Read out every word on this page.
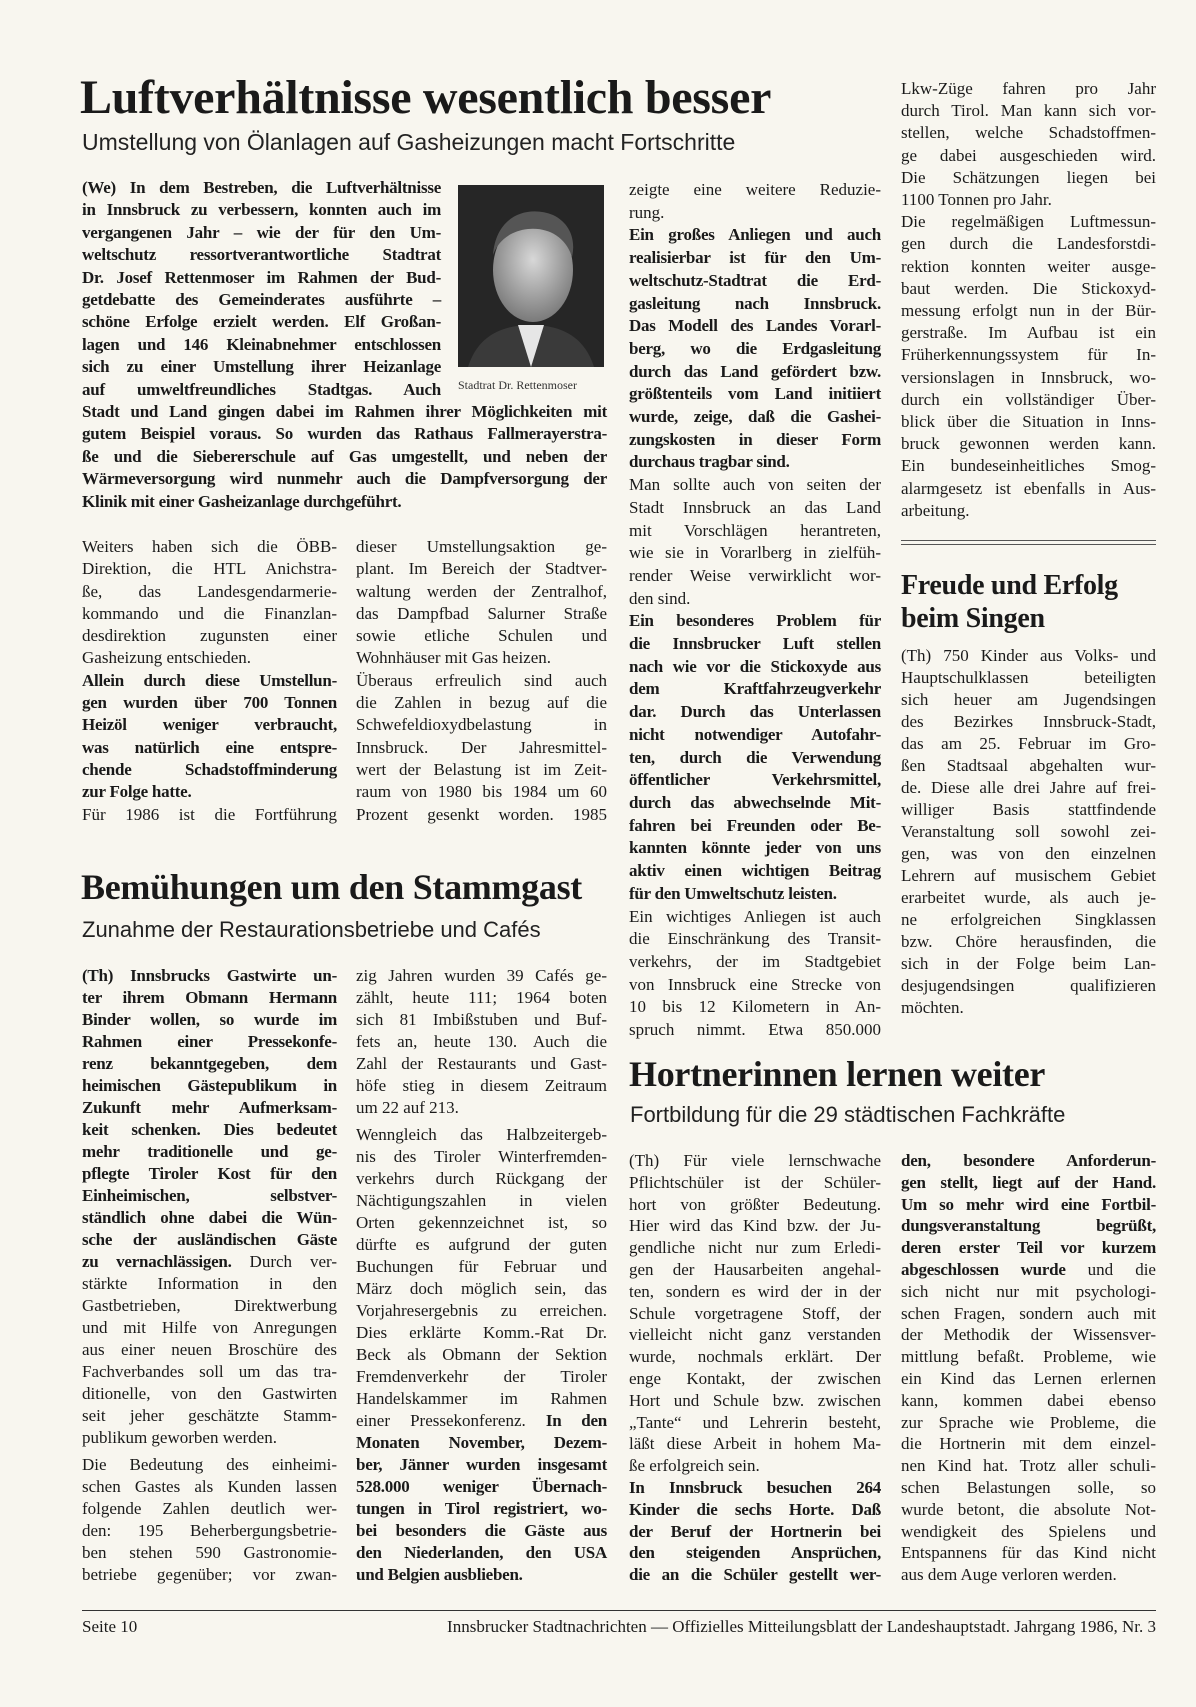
Luftverhältnisse wesentlich besser
Umstellung von Ölanlagen auf Gasheizungen macht Fortschritte
(We) In dem Bestreben, die Luftverhältnisse
in Innsbruck zu verbessern, konnten auch im
vergangenen Jahr – wie der für den Um-
weltschutz ressortverantwortliche Stadtrat
Dr. Josef Rettenmoser im Rahmen der Bud-
getdebatte des Gemeinderates ausführte –
schöne Erfolge erzielt werden. Elf Großan-
lagen und 146 Kleinabnehmer entschlossen
sich zu einer Umstellung ihrer Heizanlage
auf umweltfreundliches Stadtgas. Auch
Stadt und Land gingen dabei im Rahmen ihrer Möglichkeiten mit
gutem Beispiel voraus. So wurden das Rathaus Fallmerayerstra-
ße und die Siebererschule auf Gas umgestellt, und neben der
Wärmeversorgung wird nunmehr auch die Dampfversorgung der
Klinik mit einer Gasheizanlage durchgeführt.
Stadtrat Dr. Rettenmoser
Weiters haben sich die ÖBB-
Direktion, die HTL Anichstra-
ße, das Landesgendarmerie-
kommando und die Finanzlan-
desdirektion zugunsten einer
Gasheizung entschieden.
Allein durch diese Umstellun-
gen wurden über 700 Tonnen
Heizöl weniger verbraucht,
was natürlich eine entspre-
chende Schadstoffminderung
zur Folge hatte.
Für 1986 ist die Fortführung
dieser Umstellungsaktion ge-
plant. Im Bereich der Stadtver-
waltung werden der Zentralhof,
das Dampfbad Salurner Straße
sowie etliche Schulen und
Wohnhäuser mit Gas heizen.
Überaus erfreulich sind auch
die Zahlen in bezug auf die
Schwefeldioxydbelastung in
Innsbruck. Der Jahresmittel-
wert der Belastung ist im Zeit-
raum von 1980 bis 1984 um 60
Prozent gesenkt worden. 1985
zeigte eine weitere Reduzie-
rung.
Ein großes Anliegen und auch
realisierbar ist für den Um-
weltschutz-Stadtrat die Erd-
gasleitung nach Innsbruck.
Das Modell des Landes Vorarl-
berg, wo die Erdgasleitung
durch das Land gefördert bzw.
größtenteils vom Land initiiert
wurde, zeige, daß die Gashei-
zungskosten in dieser Form
durchaus tragbar sind.
Man sollte auch von seiten der
Stadt Innsbruck an das Land
mit Vorschlägen herantreten,
wie sie in Vorarlberg in zielfüh-
render Weise verwirklicht wor-
den sind.
Ein besonderes Problem für
die Innsbrucker Luft stellen
nach wie vor die Stickoxyde aus
dem Kraftfahrzeugverkehr
dar. Durch das Unterlassen
nicht notwendiger Autofahr-
ten, durch die Verwendung
öffentlicher Verkehrsmittel,
durch das abwechselnde Mit-
fahren bei Freunden oder Be-
kannten könnte jeder von uns
aktiv einen wichtigen Beitrag
für den Umweltschutz leisten.
Ein wichtiges Anliegen ist auch
die Einschränkung des Transit-
verkehrs, der im Stadtgebiet
von Innsbruck eine Strecke von
10 bis 12 Kilometern in An-
spruch nimmt. Etwa 850.000
Lkw-Züge fahren pro Jahr
durch Tirol. Man kann sich vor-
stellen, welche Schadstoffmen-
ge dabei ausgeschieden wird.
Die Schätzungen liegen bei
1100 Tonnen pro Jahr.
Die regelmäßigen Luftmessun-
gen durch die Landesforstdi-
rektion konnten weiter ausge-
baut werden. Die Stickoxyd-
messung erfolgt nun in der Bür-
gerstraße. Im Aufbau ist ein
Früherkennungssystem für In-
versionslagen in Innsbruck, wo-
durch ein vollständiger Über-
blick über die Situation in Inns-
bruck gewonnen werden kann.
Ein bundeseinheitliches Smog-
alarmgesetz ist ebenfalls in Aus-
arbeitung.
Freude und Erfolg
beim Singen
(Th) 750 Kinder aus Volks- und
Hauptschulklassen beteiligten
sich heuer am Jugendsingen
des Bezirkes Innsbruck-Stadt,
das am 25. Februar im Gro-
ßen Stadtsaal abgehalten wur-
de. Diese alle drei Jahre auf frei-
williger Basis stattfindende
Veranstaltung soll sowohl zei-
gen, was von den einzelnen
Lehrern auf musischem Gebiet
erarbeitet wurde, als auch je-
ne erfolgreichen Singklassen
bzw. Chöre herausfinden, die
sich in der Folge beim Lan-
desjugendsingen qualifizieren
möchten.
Bemühungen um den Stammgast
Zunahme der Restaurationsbetriebe und Cafés
(Th) Innsbrucks Gastwirte un-
ter ihrem Obmann Hermann
Binder wollen, so wurde im
Rahmen einer Pressekonfe-
renz bekanntgegeben, dem
heimischen Gästepublikum in
Zukunft mehr Aufmerksam-
keit schenken. Dies bedeutet
mehr traditionelle und ge-
pflegte Tiroler Kost für den
Einheimischen, selbstver-
ständlich ohne dabei die Wün-
sche der ausländischen Gäste
zu vernachlässigen. Durch ver-
stärkte Information in den
Gastbetrieben, Direktwerbung
und mit Hilfe von Anregungen
aus einer neuen Broschüre des
Fachverbandes soll um das tra-
ditionelle, von den Gastwirten
seit jeher geschätzte Stamm-
publikum geworben werden.
Die Bedeutung des einheimi-
schen Gastes als Kunden lassen
folgende Zahlen deutlich wer-
den: 195 Beherbergungsbetrie-
ben stehen 590 Gastronomie-
betriebe gegenüber; vor zwan-
zig Jahren wurden 39 Cafés ge-
zählt, heute 111; 1964 boten
sich 81 Imbißstuben und Buf-
fets an, heute 130. Auch die
Zahl der Restaurants und Gast-
höfe stieg in diesem Zeitraum
um 22 auf 213.
Wenngleich das Halbzeitergeb-
nis des Tiroler Winterfremden-
verkehrs durch Rückgang der
Nächtigungszahlen in vielen
Orten gekennzeichnet ist, so
dürfte es aufgrund der guten
Buchungen für Februar und
März doch möglich sein, das
Vorjahresergebnis zu erreichen.
Dies erklärte Komm.-Rat Dr.
Beck als Obmann der Sektion
Fremdenverkehr der Tiroler
Handelskammer im Rahmen
einer Pressekonferenz. In den
Monaten November, Dezem-
ber, Jänner wurden insgesamt
528.000 weniger Übernach-
tungen in Tirol registriert, wo-
bei besonders die Gäste aus
den Niederlanden, den USA
und Belgien ausblieben.
Hortnerinnen lernen weiter
Fortbildung für die 29 städtischen Fachkräfte
(Th) Für viele lernschwache
Pflichtschüler ist der Schüler-
hort von größter Bedeutung.
Hier wird das Kind bzw. der Ju-
gendliche nicht nur zum Erledi-
gen der Hausarbeiten angehal-
ten, sondern es wird der in der
Schule vorgetragene Stoff, der
vielleicht nicht ganz verstanden
wurde, nochmals erklärt. Der
enge Kontakt, der zwischen
Hort und Schule bzw. zwischen
„Tante“ und Lehrerin besteht,
läßt diese Arbeit in hohem Ma-
ße erfolgreich sein.
In Innsbruck besuchen 264
Kinder die sechs Horte. Daß
der Beruf der Hortnerin bei
den steigenden Ansprüchen,
die an die Schüler gestellt wer-
den, besondere Anforderun-
gen stellt, liegt auf der Hand.
Um so mehr wird eine Fortbil-
dungsveranstaltung begrüßt,
deren erster Teil vor kurzem
abgeschlossen wurde und die
sich nicht nur mit psychologi-
schen Fragen, sondern auch mit
der Methodik der Wissensver-
mittlung befaßt. Probleme, wie
ein Kind das Lernen erlernen
kann, kommen dabei ebenso
zur Sprache wie Probleme, die
die Hortnerin mit dem einzel-
nen Kind hat. Trotz aller schuli-
schen Belastungen solle, so
wurde betont, die absolute Not-
wendigkeit des Spielens und
Entspannens für das Kind nicht
aus dem Auge verloren werden.
Seite 10	Innsbrucker Stadtnachrichten — Offizielles Mitteilungsblatt der Landeshauptstadt. Jahrgang 1986, Nr. 3
